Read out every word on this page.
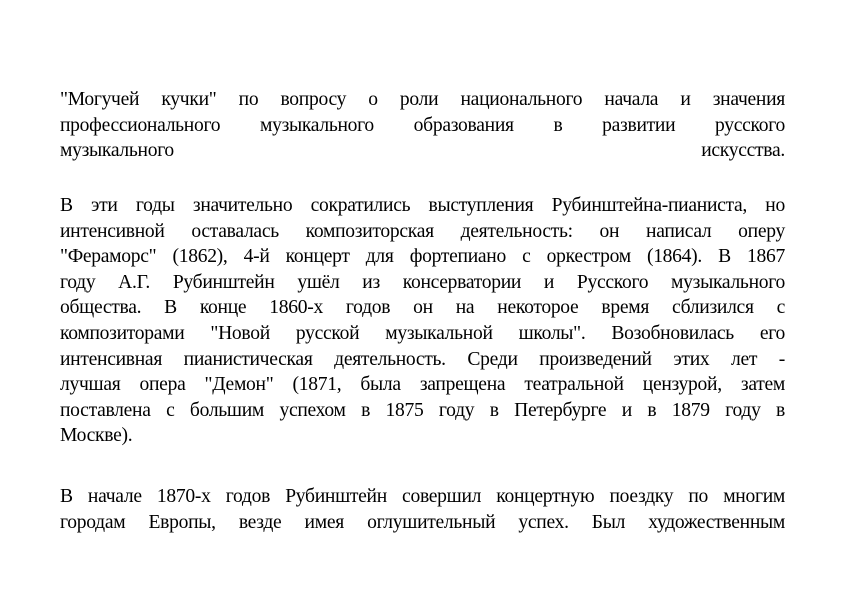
"Могучей кучки" по вопросу о роли национального начала и значения
профессионального музыкального образования в развитии русского
музыкального искусства.
В эти годы значительно сократились выступления Рубинштейна-пианиста, но
интенсивной оставалась композиторская деятельность: он написал оперу
"Фераморс" (1862), 4-й концерт для фортепиано с оркестром (1864). В 1867
году А.Г. Рубинштейн ушёл из консерватории и Русского музыкального
общества. В конце 1860-х годов он на некоторое время сблизился с
композиторами "Новой русской музыкальной школы". Возобновилась его
интенсивная пианистическая деятельность. Среди произведений этих лет -
лучшая опера "Демон" (1871, была запрещена театральной цензурой, затем
поставлена с большим успехом в 1875 году в Петербурге и в 1879 году в
Москве).
В начале 1870-х годов Рубинштейн совершил концертную поездку по многим
городам Европы, везде имея оглушительный успех. Был художественным
